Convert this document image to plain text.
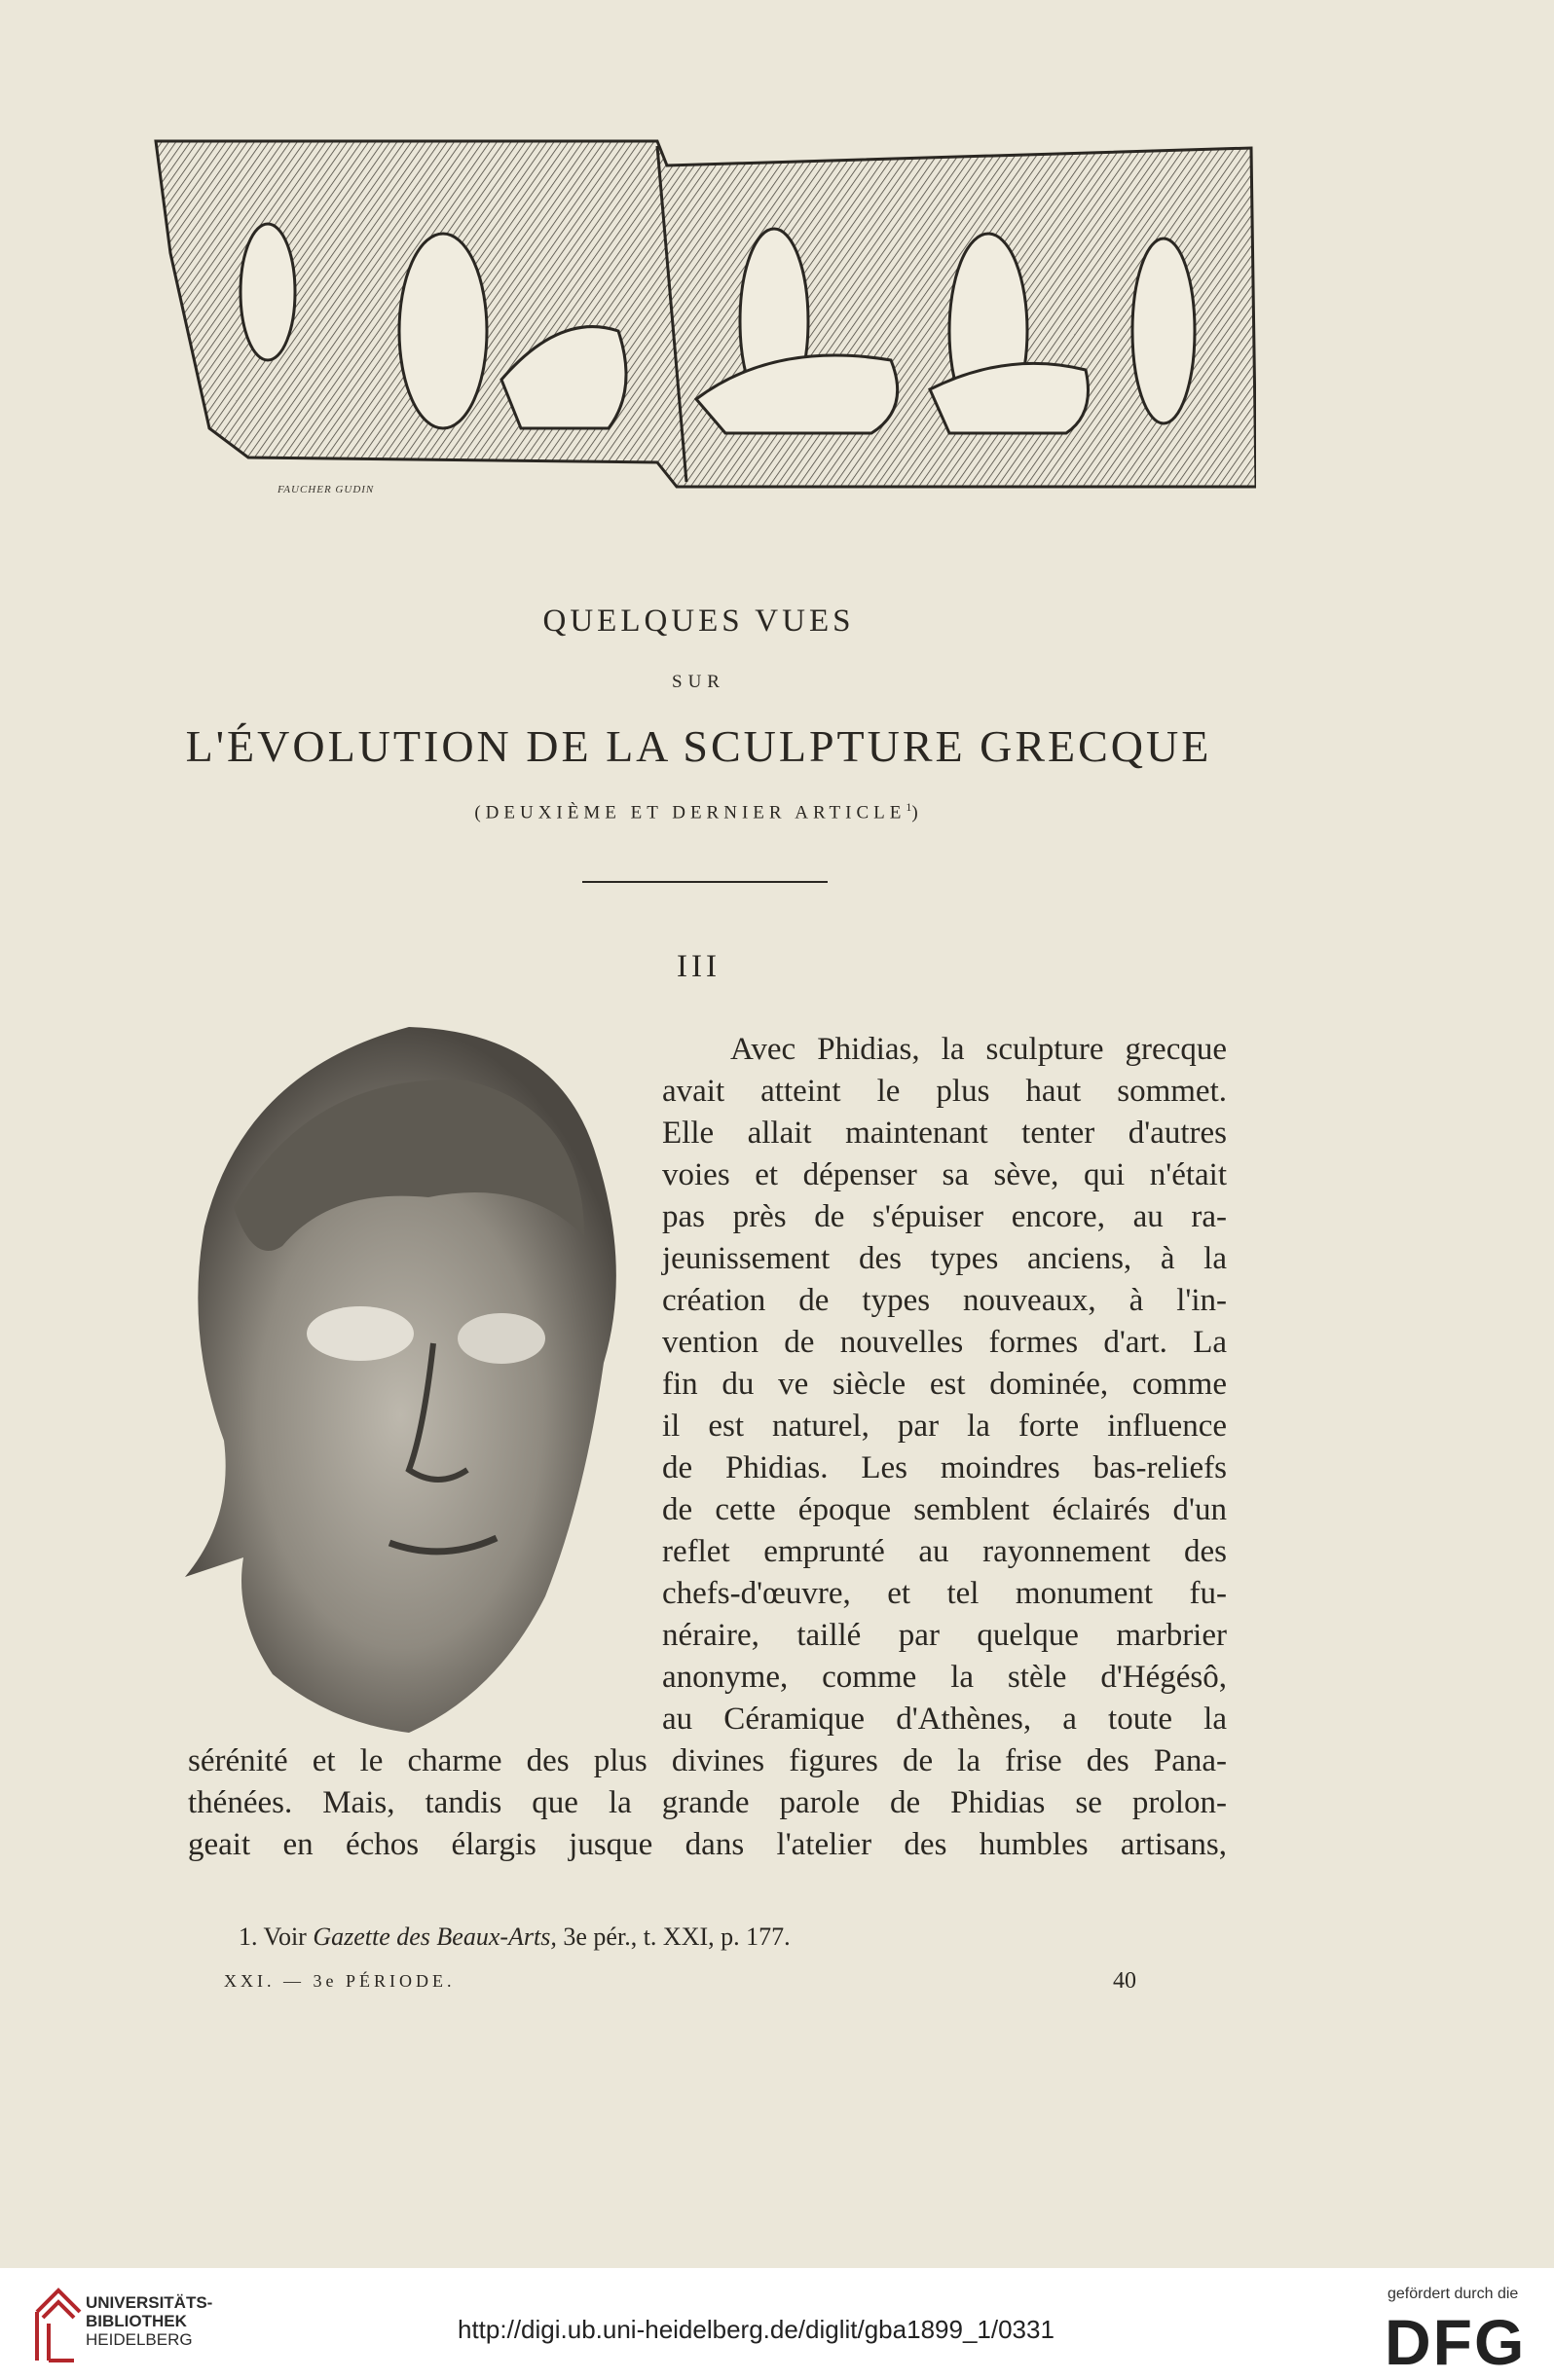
FAUCHER GUDIN
QUELQUES VUES
SUR
L'ÉVOLUTION DE LA SCULPTURE GRECQUE
(DEUXIÈME ET DERNIER ARTICLE$^1$)
III
Avec Phidias, la sculpture grecque
avait atteint le plus haut sommet.
Elle allait maintenant tenter d'autres
voies et dépenser sa sève, qui n'était
pas près de s'épuiser encore, au ra-
jeunissement des types anciens, à la
création de types nouveaux, à l'in-
vention de nouvelles formes d'art. La
fin du ve siècle est dominée, comme
il est naturel, par la forte influence
de Phidias. Les moindres bas-reliefs
de cette époque semblent éclairés d'un
reflet emprunté au rayonnement des
chefs-d'œuvre, et tel monument fu-
néraire, taillé par quelque marbrier
anonyme, comme la stèle d'Hégésô,
au Céramique d'Athènes, a toute la
sérénité et le charme des plus divines figures de la frise des Pana-
thénées. Mais, tandis que la grande parole de Phidias se prolon-
geait en échos élargis jusque dans l'atelier des humbles artisans,
1. Voir Gazette des Beaux-Arts, 3e pér., t. XXI, p. 177.
XXI. — 3e PÉRIODE.	40
UNIVERSITÄTS-
BIBLIOTHEK
HEIDELBERG	http://digi.ub.uni-heidelberg.de/diglit/gba1899_1/0331
gefördert durch die
DFG
